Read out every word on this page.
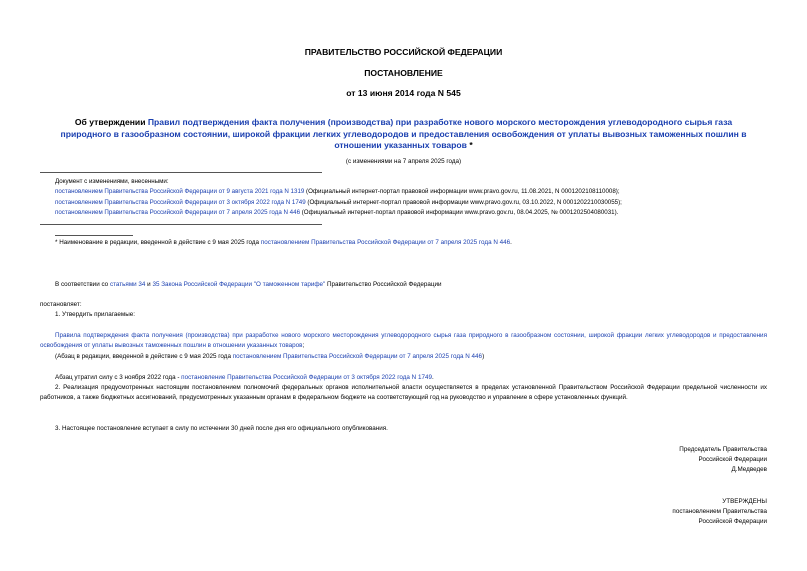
ПРАВИТЕЛЬСТВО РОССИЙСКОЙ ФЕДЕРАЦИИ
ПОСТАНОВЛЕНИЕ
от 13 июня 2014 года N 545
Об утверждении Правил подтверждения факта получения (производства) при разработке нового морского месторождения углеводородного сырья газа природного в газообразном состоянии, широкой фракции легких углеводородов и предоставления освобождения от уплаты вывозных таможенных пошлин в отношении указанных товаров *
(с изменениями на 7 апреля 2025 года)
Документ с изменениями, внесенными:
постановлением Правительства Российской Федерации от 9 августа 2021 года N 1319 (Официальный интернет-портал правовой информации www.pravo.gov.ru, 11.08.2021, N 0001202108110008);
постановлением Правительства Российской Федерации от 3 октября 2022 года N 1749 (Официальный интернет-портал правовой информации www.pravo.gov.ru, 03.10.2022, N 0001202210030055);
постановлением Правительства Российской Федерации от 7 апреля 2025 года N 446 (Официальный интернет-портал правовой информации www.pravo.gov.ru, 08.04.2025, № 0001202504080031).
* Наименование в редакции, введенной в действие с 9 мая 2025 года постановлением Правительства Российской Федерации от 7 апреля 2025 года N 446.
В соответствии со статьями 34 и 35 Закона Российской Федерации "О таможенном тарифе" Правительство Российской Федерации
постановляет:
1. Утвердить прилагаемые:
Правила подтверждения факта получения (производства) при разработке нового морского месторождения углеводородного сырья газа природного в газообразном состоянии, широкой фракции легких углеводородов и предоставления освобождения от уплаты вывозных таможенных пошлин в отношении указанных товаров;
(Абзац в редакции, введенной в действие с 9 мая 2025 года постановлением Правительства Российской Федерации от 7 апреля 2025 года N 446)
Абзац утратил силу с 3 ноября 2022 года - постановление Правительства Российской Федерации от 3 октября 2022 года N 1749.
2. Реализация предусмотренных настоящим постановлением полномочий федеральных органов исполнительной власти осуществляется в пределах установленной Правительством Российской Федерации предельной численности их работников, а также бюджетных ассигнований, предусмотренных указанным органам в федеральном бюджете на соответствующий год на руководство и управление в сфере установленных функций.
3. Настоящее постановление вступает в силу по истечении 30 дней после дня его официального опубликования.
Председатель Правительства
Российской Федерации
Д.Медведев
УТВЕРЖДЕНЫ
постановлением Правительства
Российской Федерации
